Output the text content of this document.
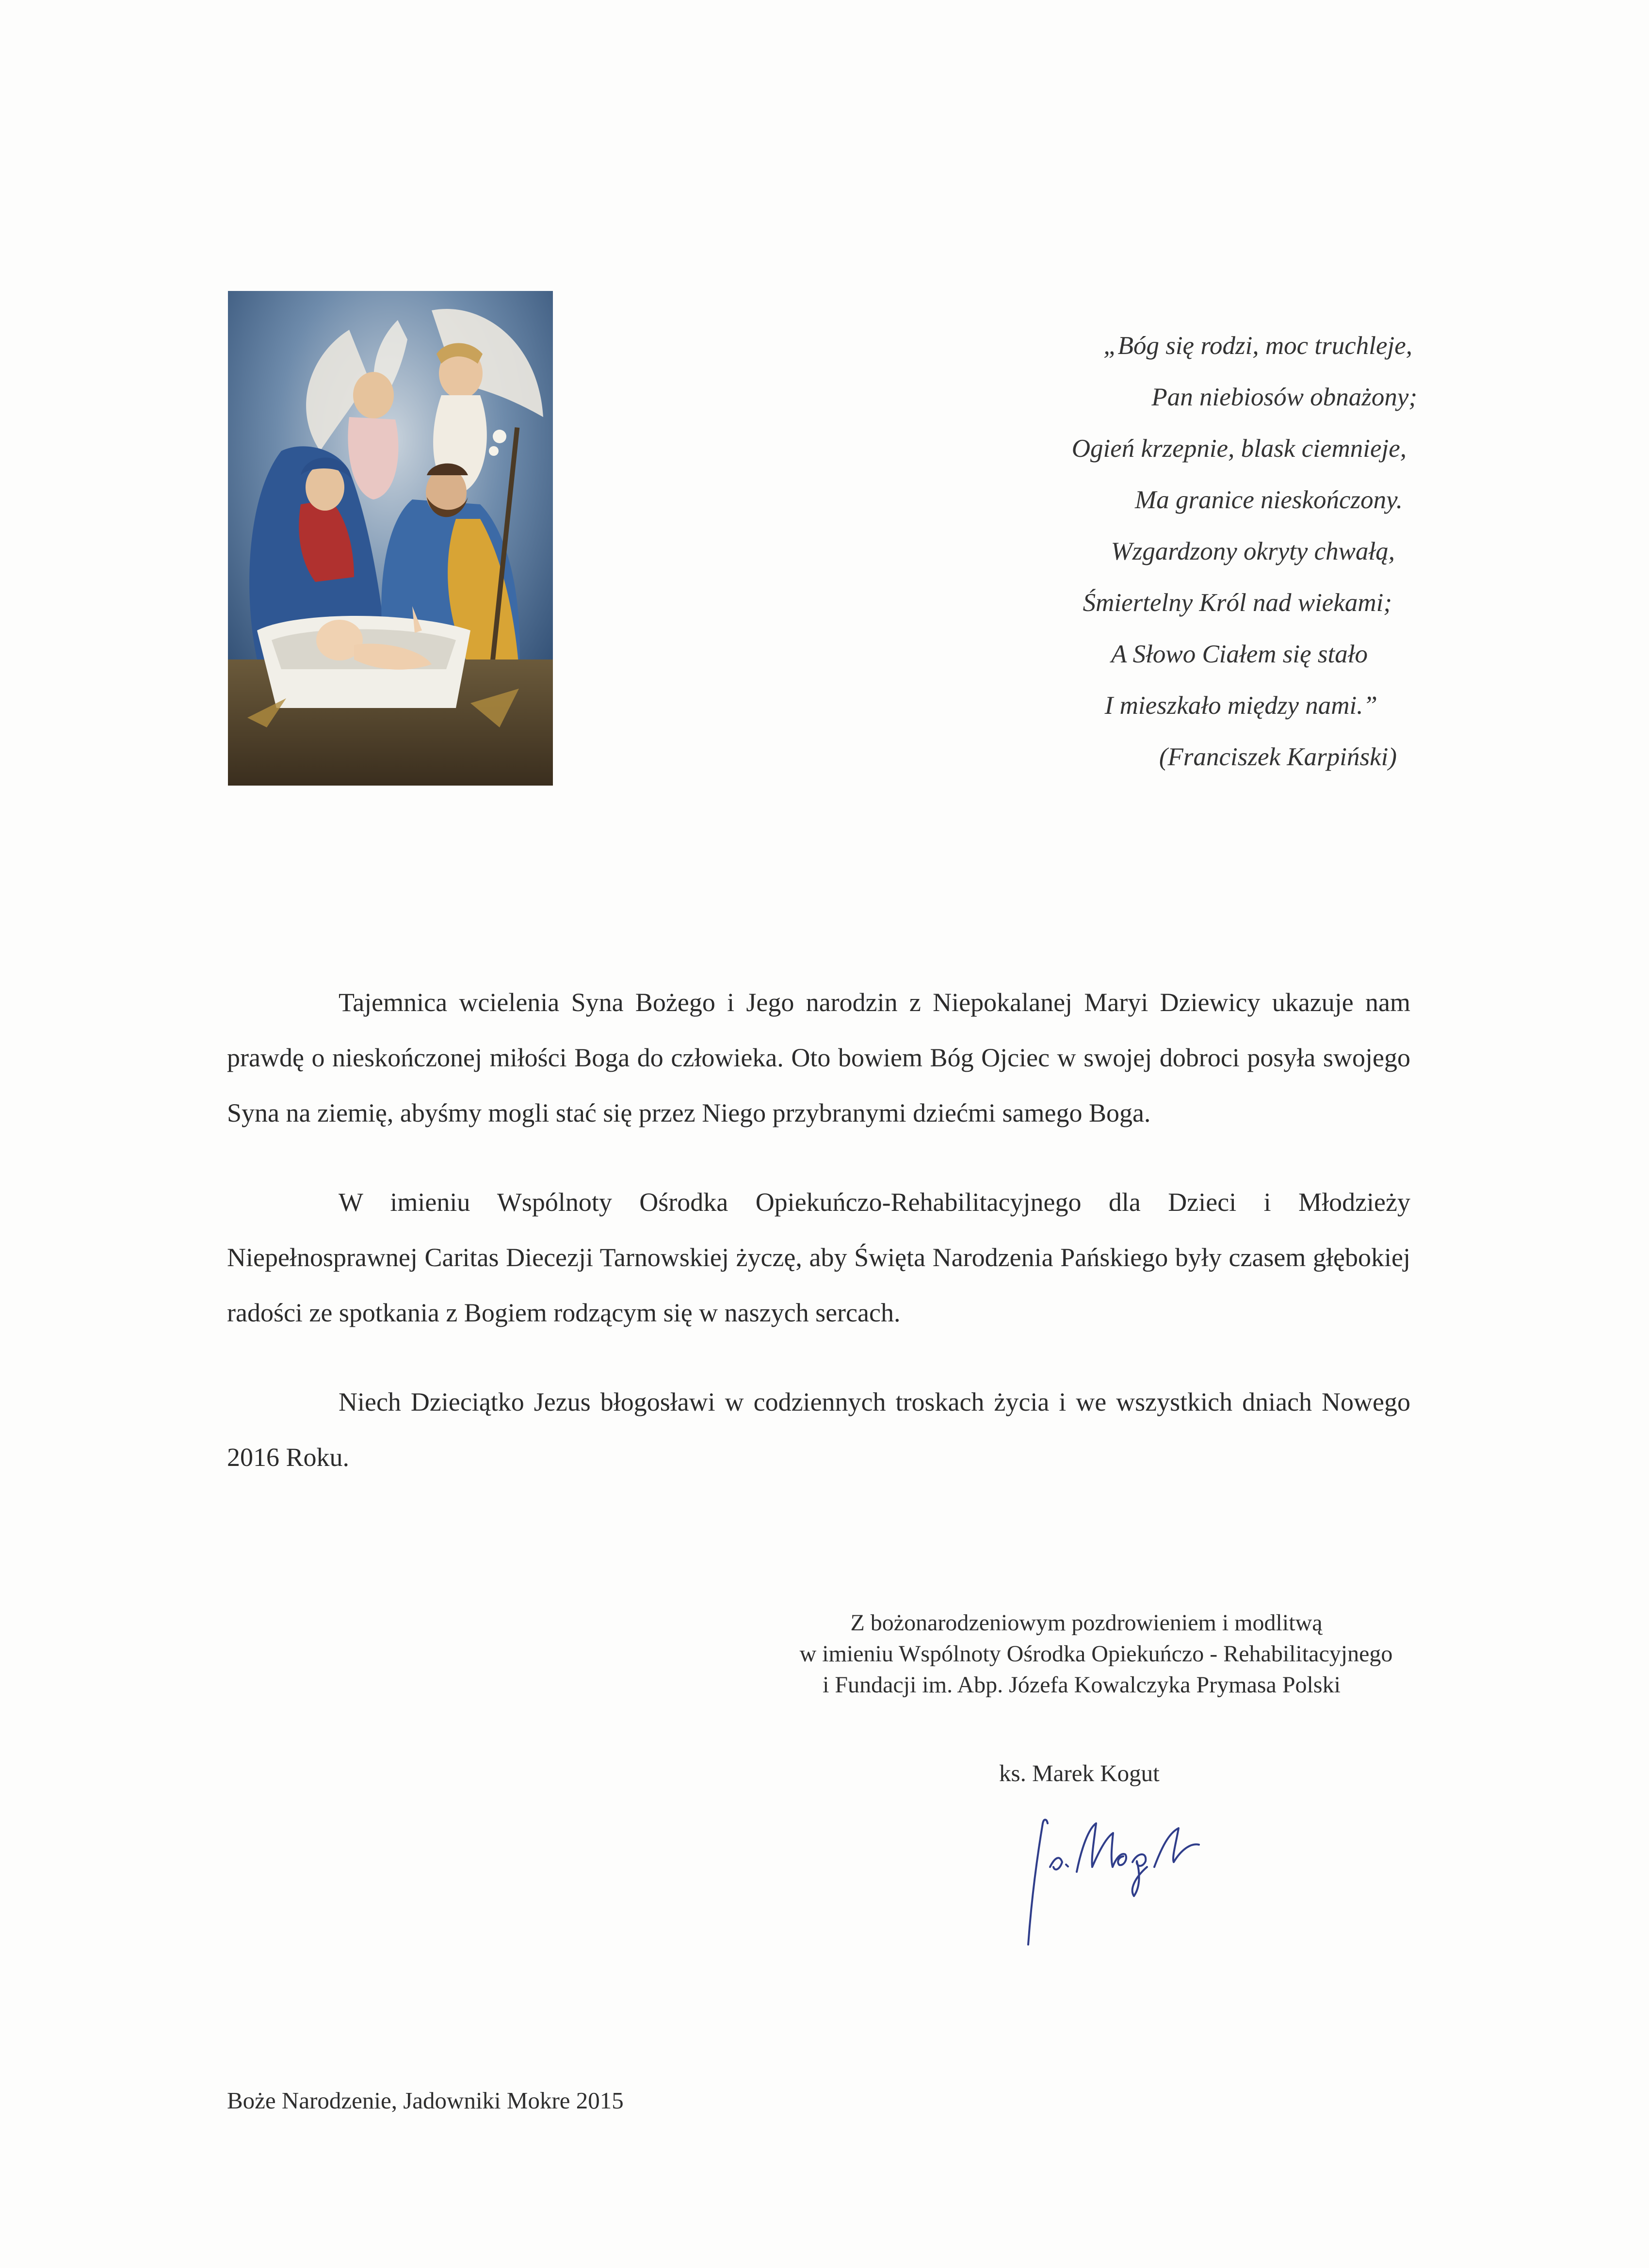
„Bóg się rodzi, moc truchleje,
Pan niebiosów obnażony;
Ogień krzepnie, blask ciemnieje,
Ma granice nieskończony.
Wzgardzony okryty chwałą,
Śmiertelny Król nad wiekami;
A Słowo Ciałem się stało
I mieszkało między nami.”
(Franciszek Karpiński)

Tajemnica wcielenia Syna Bożego i Jego narodzin z Niepokalanej Maryi Dziewicy ukazuje nam prawdę o nieskończonej miłości Boga do człowieka. Oto bowiem Bóg Ojciec w swojej dobroci posyła swojego Syna na ziemię, abyśmy mogli stać się przez Niego przybranymi dziećmi samego Boga.

W imieniu Wspólnoty Ośrodka Opiekuńczo-Rehabilitacyjnego dla Dzieci i Młodzieży Niepełnosprawnej Caritas Diecezji Tarnowskiej życzę, aby Święta Narodzenia Pańskiego były czasem głębokiej radości ze spotkania z Bogiem rodzącym się w naszych sercach.

Niech Dzieciątko Jezus błogosławi w codziennych troskach życia i we wszystkich dniach Nowego 2016 Roku.

Z bożonarodzeniowym pozdrowieniem i modlitwą
w imieniu Wspólnoty Ośrodka Opiekuńczo - Rehabilitacyjnego
i Fundacji im. Abp. Józefa Kowalczyka Prymasa Polski
ks. Marek Kogut
Boże Narodzenie, Jadowniki Mokre 2015
